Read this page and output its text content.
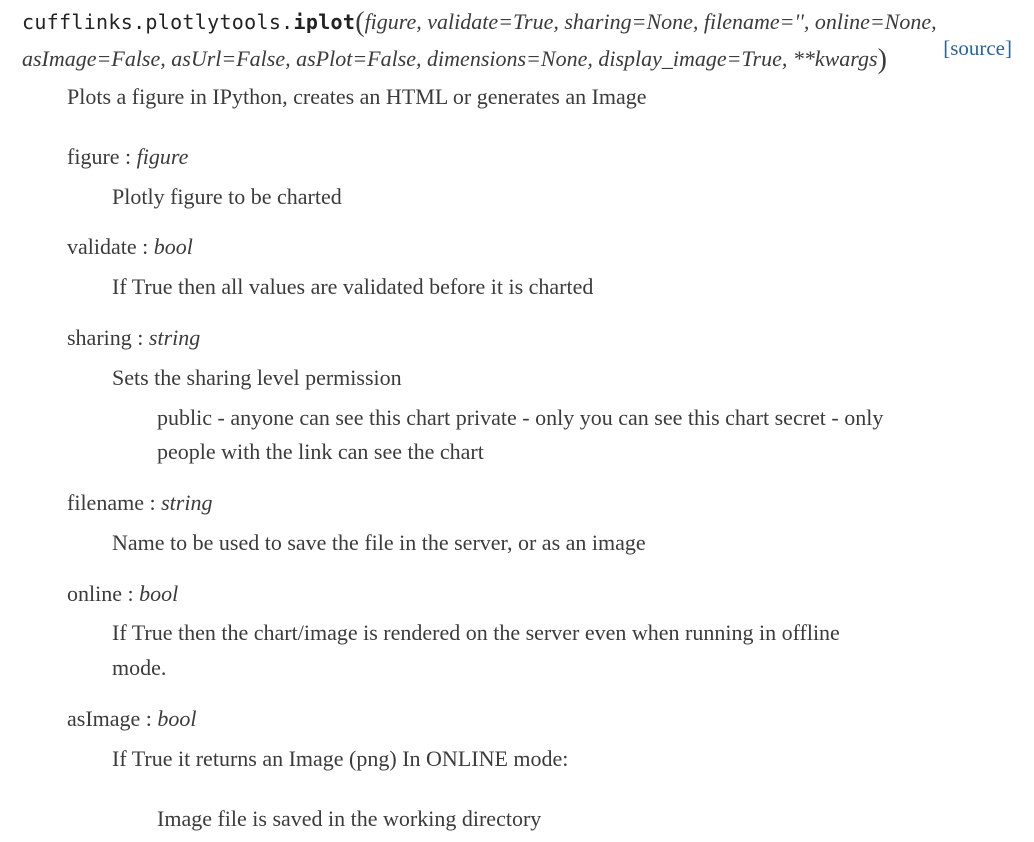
cufflinks.plotlytools.iplot(figure, validate=True, sharing=None, filename='', online=None,
asImage=False, asUrl=False, asPlot=False, dimensions=None, display_image=True, **kwargs)	[source]
Plots a figure in IPython, creates an HTML or generates an Image
figure : figure
Plotly figure to be charted
validate : bool
If True then all values are validated before it is charted
sharing : string
Sets the sharing level permission
public - anyone can see this chart private - only you can see this chart secret - only
people with the link can see the chart
filename : string
Name to be used to save the file in the server, or as an image
online : bool
If True then the chart/image is rendered on the server even when running in offline
mode.
asImage : bool
If True it returns an Image (png) In ONLINE mode:
Image file is saved in the working directory
